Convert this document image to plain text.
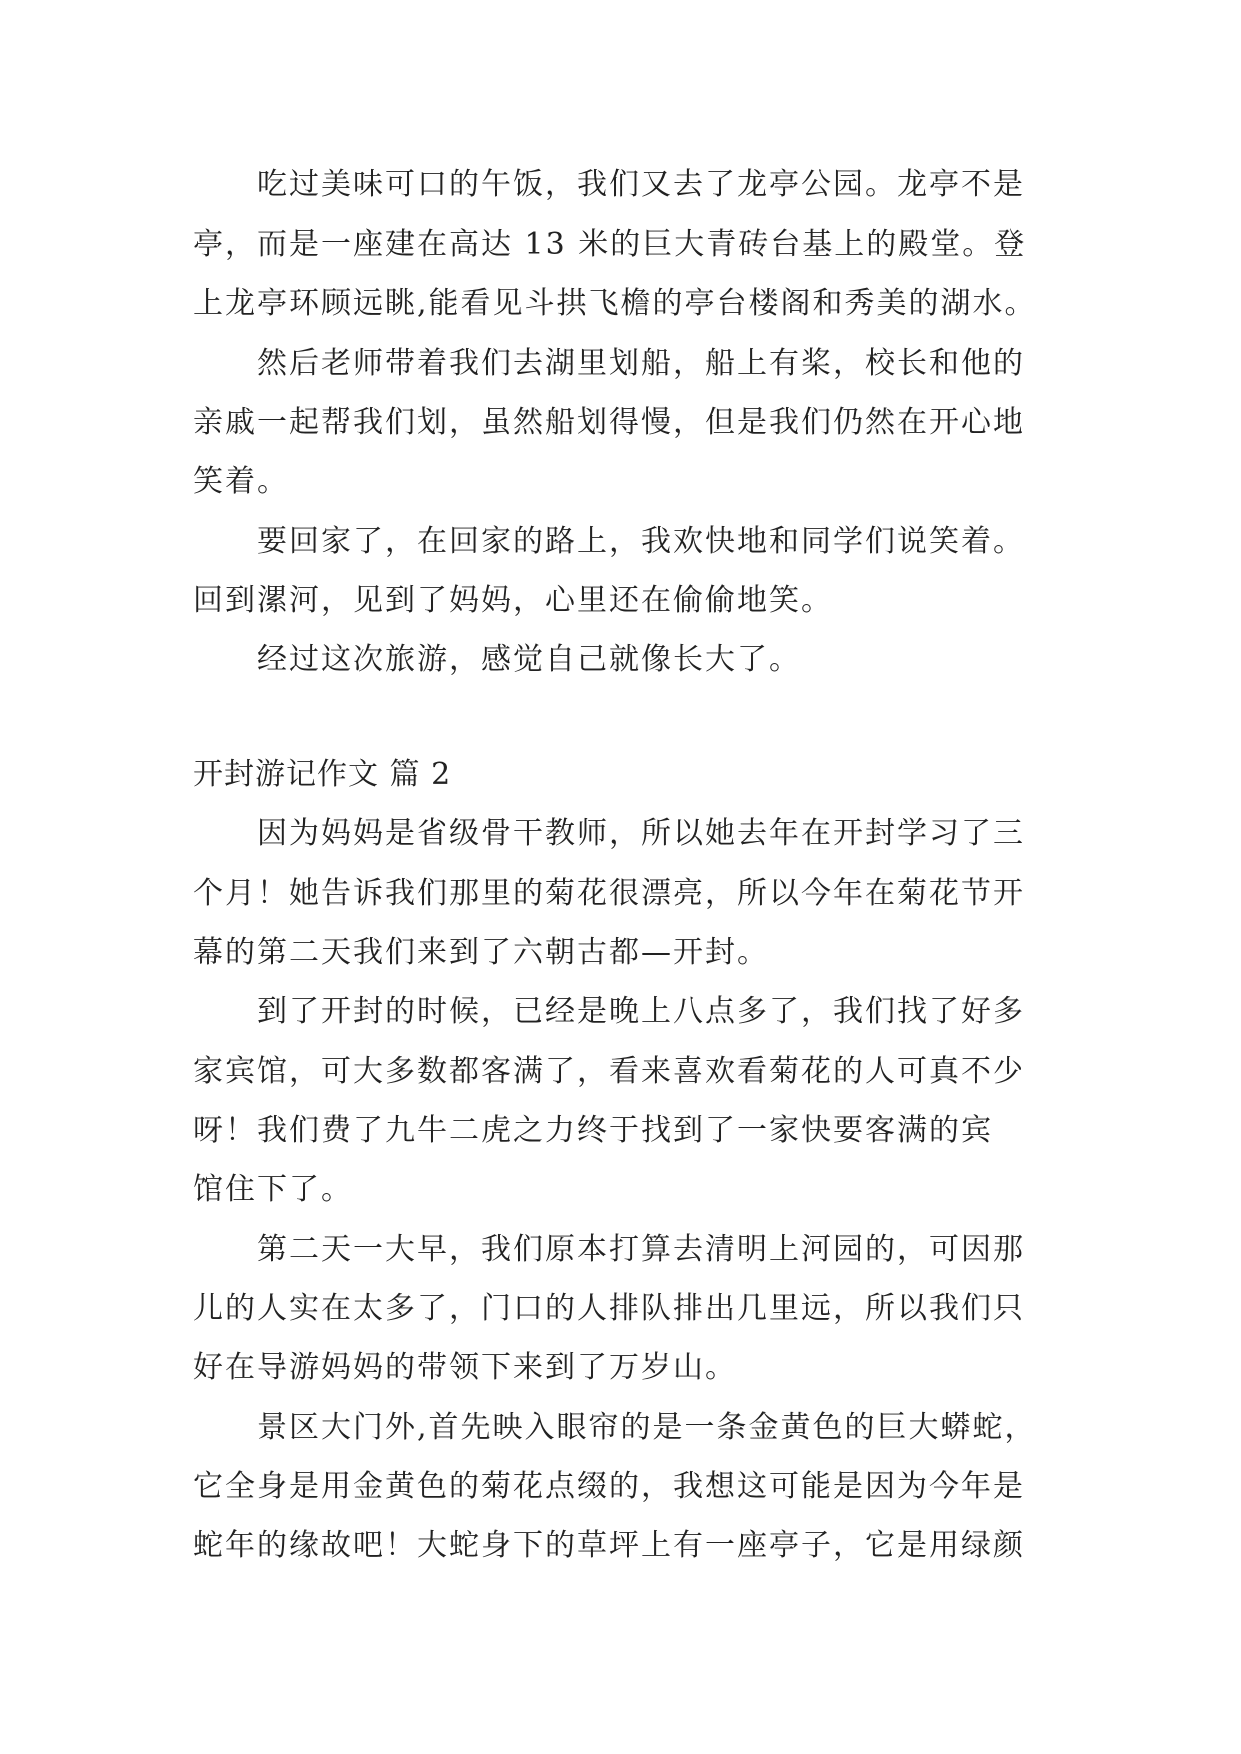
吃过美味可口的午饭，我们又去了龙亭公园。龙亭不是
亭，而是一座建在高达 13 米的巨大青砖台基上的殿堂。登
上龙亭环顾远眺,能看见斗拱飞檐的亭台楼阁和秀美的湖水。
然后老师带着我们去湖里划船，船上有桨，校长和他的
亲戚一起帮我们划，虽然船划得慢，但是我们仍然在开心地
笑着。
要回家了，在回家的路上，我欢快地和同学们说笑着。
回到漯河，见到了妈妈，心里还在偷偷地笑。
经过这次旅游，感觉自己就像长大了。
开封游记作文 篇 2
因为妈妈是省级骨干教师，所以她去年在开封学习了三
个月！她告诉我们那里的菊花很漂亮，所以今年在菊花节开
幕的第二天我们来到了六朝古都—开封。
到了开封的时候，已经是晚上八点多了，我们找了好多
家宾馆，可大多数都客满了，看来喜欢看菊花的人可真不少
呀！我们费了九牛二虎之力终于找到了一家快要客满的宾
馆住下了。
第二天一大早，我们原本打算去清明上河园的，可因那
儿的人实在太多了，门口的人排队排出几里远，所以我们只
好在导游妈妈的带领下来到了万岁山。
景区大门外,首先映入眼帘的是一条金黄色的巨大蟒蛇，
它全身是用金黄色的菊花点缀的，我想这可能是因为今年是
蛇年的缘故吧！大蛇身下的草坪上有一座亭子，它是用绿颜
